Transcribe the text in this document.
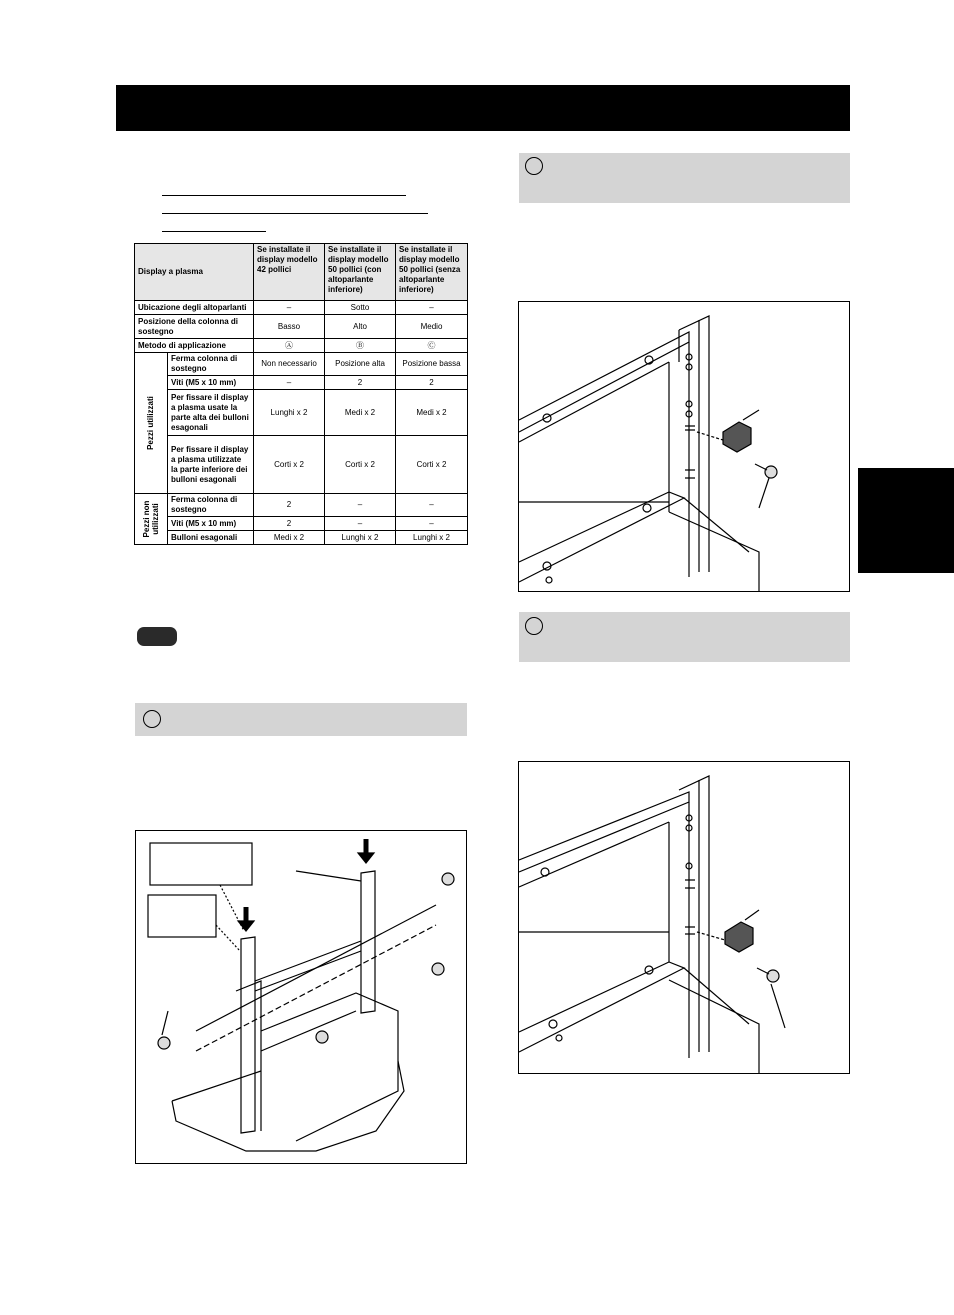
Display a plasma		Se installate il display modello 42 pollici	Se installate il display modello 50 pollici (con altoparlante inferiore)	Se installate il display modello 50 pollici (senza altoparlante inferiore)
Ubicazione degli altoparlanti		–	Sotto	–
Posizione della colonna di sostegno		Basso	Alto	Medio
Metodo di applicazione		Ⓐ	Ⓑ	Ⓒ

Pezzi utilizzati	Ferma colonna di sostegno	Non necessario	Posizione alta	Posizione bassa
	Viti (M5 x 10 mm)	–	2	2
	Per fissare il display a plasma usate la parte alta dei bulloni esagonali	Lunghi x 2	Medi x 2	Medi x 2
	Per fissare il display a plasma utilizzate la parte inferiore dei bulloni esagonali	Corti x 2	Corti x 2	Corti x 2

Pezzi non utilizzati	Ferma colonna di sostegno	2	–	–
	Viti (M5 x 10 mm)	2	–	–
	Bulloni esagonali	Medi x 2	Lunghi x 2	Lunghi x 2
